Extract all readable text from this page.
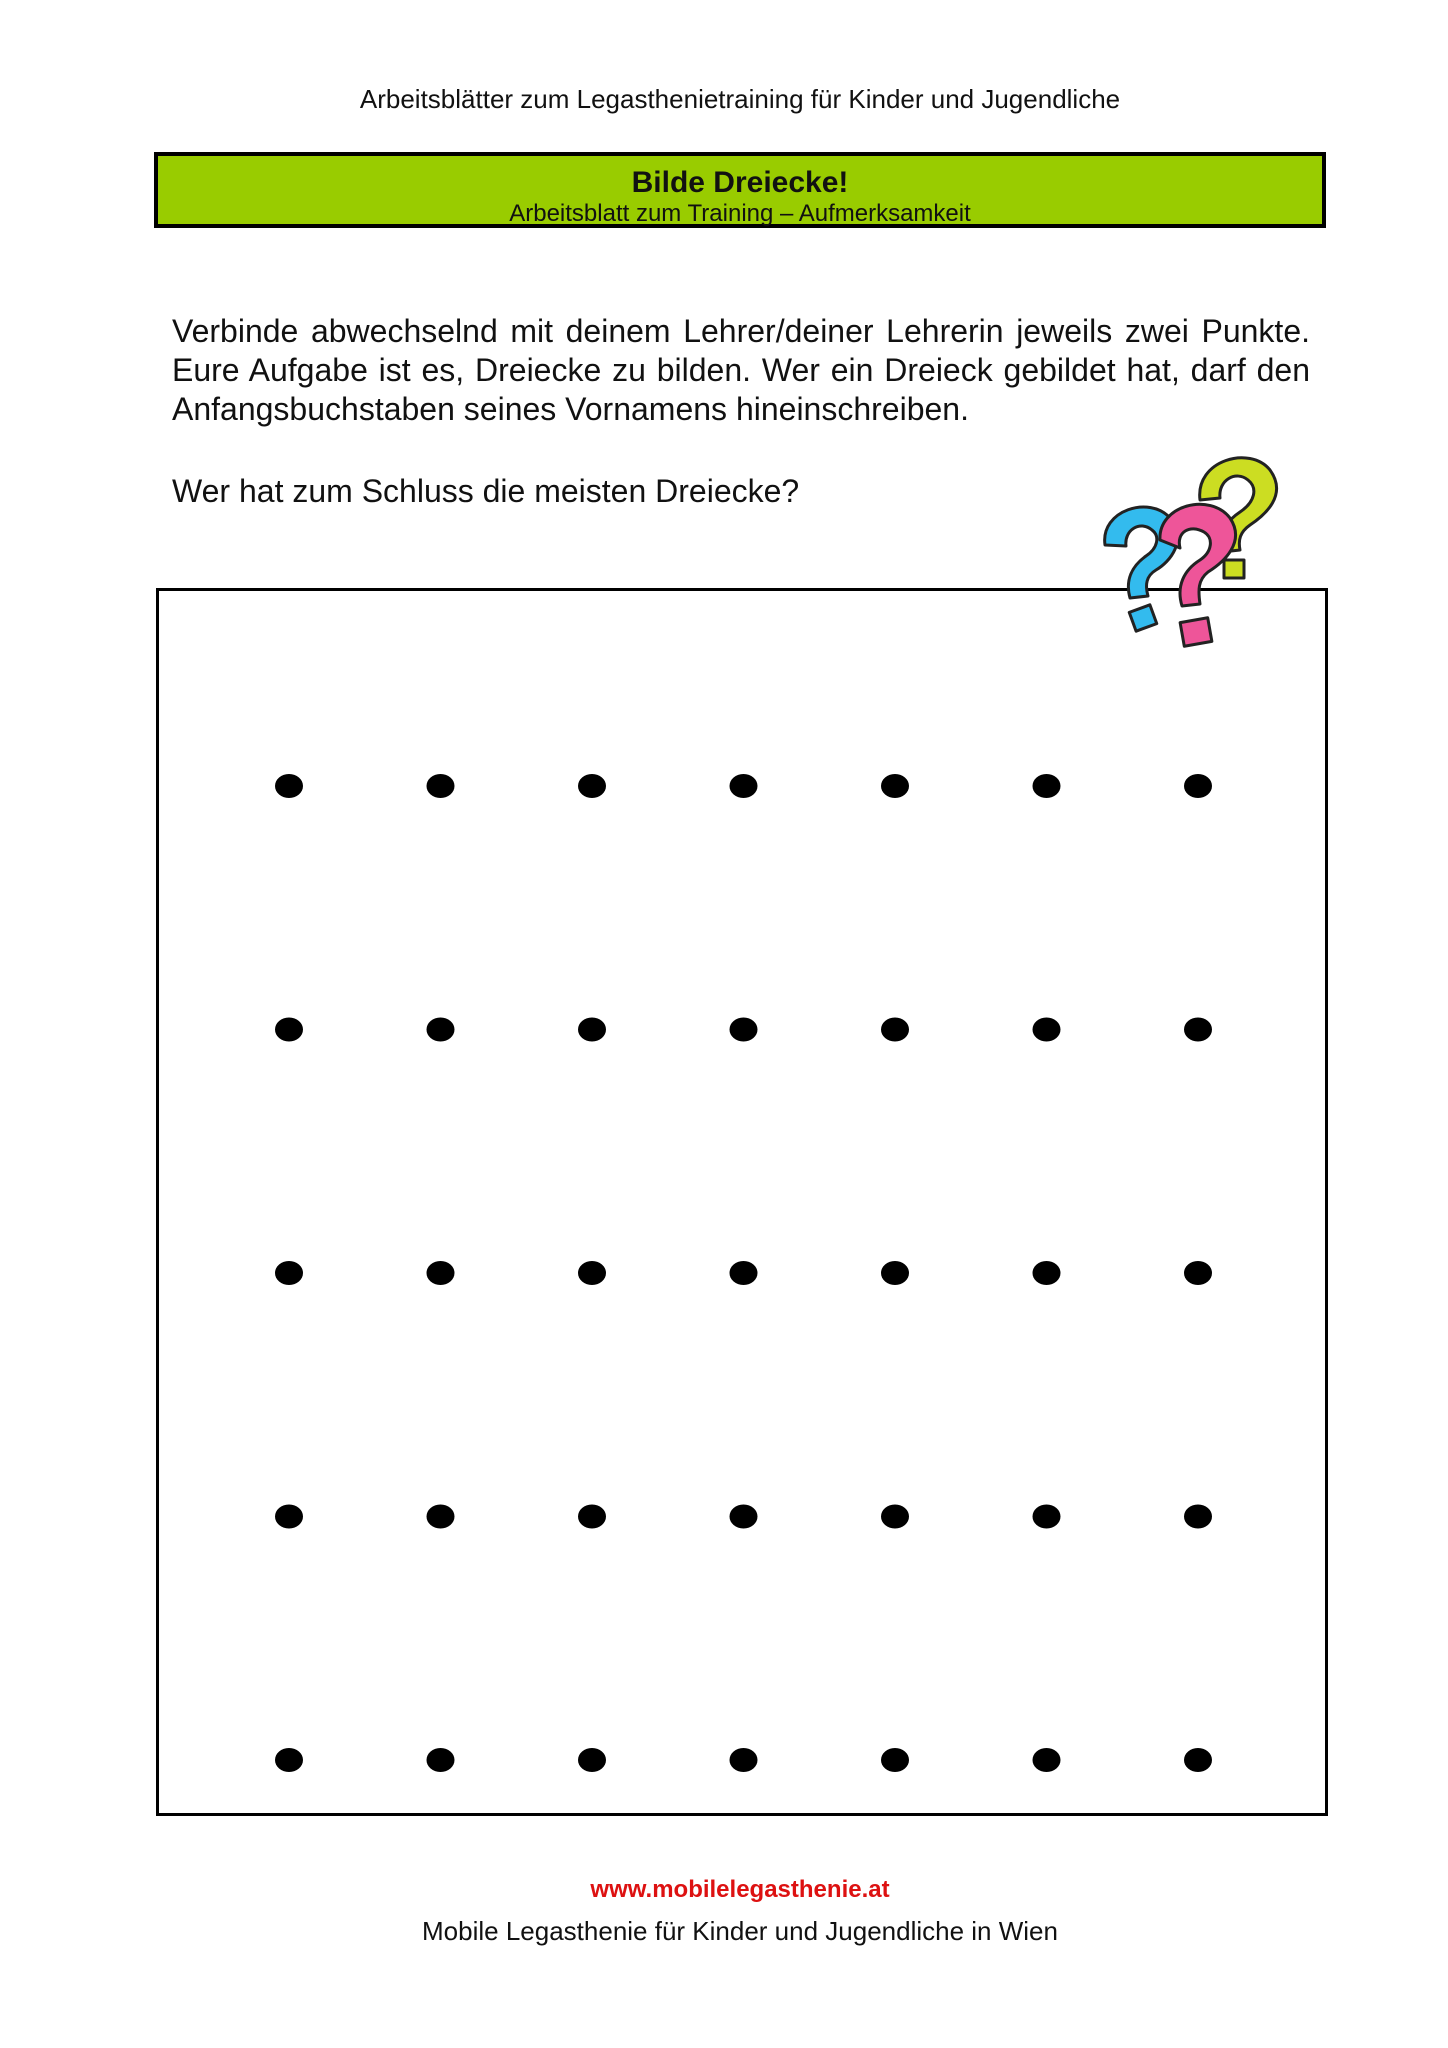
Arbeitsblätter zum Legasthenietraining für Kinder und Jugendliche
Bilde Dreiecke!
Arbeitsblatt zum Training – Aufmerksamkeit

Verbinde abwechselnd mit deinem Lehrer/deiner Lehrerin jeweils zwei Punkte. Eure Aufgabe ist es, Dreiecke zu bilden. Wer ein Dreieck gebildet hat, darf den Anfangsbuchstaben seines Vornamens hineinschreiben.

Wer hat zum Schluss die meisten Dreiecke?

www.mobilelegasthenie.at
Mobile Legasthenie für Kinder und Jugendliche in Wien
